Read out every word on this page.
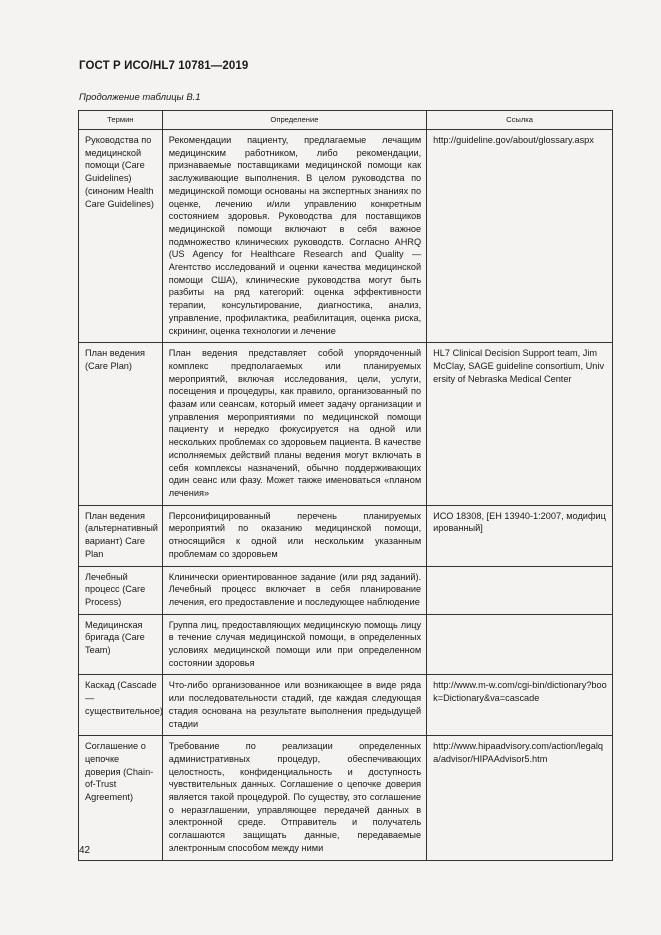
ГОСТ Р ИСО/HL7 10781—2019
Продолжение таблицы B.1
Термин	Определение	Ссылка
Руководства по медицинской помощи (Care Guidelines) (синоним Health Care Guidelines)	Рекомендации пациенту, предлагаемые лечащим медицинским работником, либо рекомендации, признаваемые поставщиками медицинской помощи как заслуживающие выполнения. В целом руководства по медицинской помощи основаны на экспертных знаниях по оценке, лечению и/или управлению конкретным состоянием здоровья. Руководства для поставщиков медицинской помощи включают в себя важное подмножество клинических руководств. Согласно AHRQ (US Agency for Healthcare Research and Quality — Агентство исследований и оценки качества медицинской помощи США), клинические руководства могут быть разбиты на ряд категорий: оценка эффективности терапии, консультирование, диагностика, анализ, управление, профилактика, реабилитация, оценка риска, скрининг, оценка технологии и лечение	http://guideline.gov/about/glossary.aspx
План ведения (Care Plan)	План ведения представляет собой упорядоченный комплекс предполагаемых или планируемых мероприятий, включая исследования, цели, услуги, посещения и процедуры, как правило, организованный по фазам или сеансам, который имеет задачу организации и управления мероприятиями по медицинской помощи пациенту и нередко фокусируется на одной или нескольких проблемах со здоровьем пациента. В качестве исполняемых действий планы ведения могут включать в себя комплексы назначений, обычно поддерживающих один сеанс или фазу. Может также именоваться «планом лечения»	HL7 Clinical Decision Support team, Jim McClay, SAGE guideline consortium, University of Nebraska Medical Center
План ведения (альтернативный вариант) Care Plan	Персонифицированный перечень планируемых мероприятий по оказанию медицинской помощи, относящийся к одной или нескольким указанным проблемам со здоровьем	ИСО 18308, [ЕН 13940-1:2007, модифицированный]
Лечебный процесс (Care Process)	Клинически ориентированное задание (или ряд заданий). Лечебный процесс включает в себя планирование лечения, его предоставление и последующее наблюдение	
Медицинская бригада (Care Team)	Группа лиц, предоставляющих медицинскую помощь лицу в течение случая медицинской помощи, в определенных условиях медицинской помощи или при определенном состоянии здоровья	
Каскад (Cascade — существительное)	Что-либо организованное или возникающее в виде ряда или последовательности стадий, где каждая следующая стадия основана на результате выполнения предыдущей стадии	http://www.m-w.com/cgi-bin/dictionary?book=Dictionary&va=cascade
Соглашение о цепочке доверия (Chain-of-Trust Agreement)	Требование по реализации определенных административных процедур, обеспечивающих целостность, конфиденциальность и доступность чувствительных данных. Соглашение о цепочке доверия является такой процедурой. По существу, это соглашение о неразглашении, управляющее передачей данных в электронной среде. Отправитель и получатель соглашаются защищать данные, передаваемые электронным способом между ними	http://www.hipaadvisory.com/action/legalqa/advisor/HIPAAdvisor5.htm
42
